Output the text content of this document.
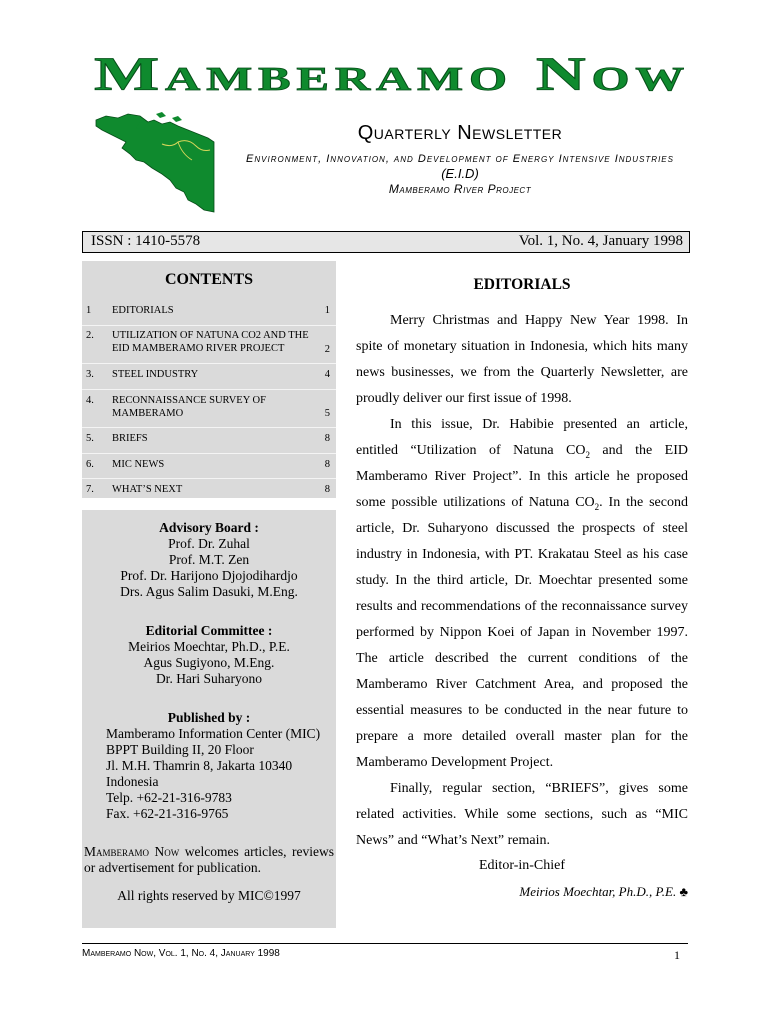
Mamberamo Now
Quarterly Newsletter
Environment, Innovation, and Development of Energy Intensive Industries
(E.I.D)
Mamberamo River Project
ISSN : 1410-5578	Vol. 1, No. 4, January 1998
CONTENTS
1 EDITORIALS	1
2. UTILIZATION OF NATUNA CO2 AND THE EID MAMBERAMO RIVER PROJECT	2
3. STEEL INDUSTRY	4
4. RECONNAISSANCE SURVEY OF MAMBERAMO	5
5. BRIEFS	8
6. MIC NEWS	8
7. WHAT’S NEXT	8
Advisory Board :
Prof. Dr. Zuhal
Prof. M.T. Zen
Prof. Dr. Harijono Djojodihardjo
Drs. Agus Salim Dasuki, M.Eng.
Editorial Committee :
Meirios Moechtar, Ph.D., P.E.
Agus Sugiyono, M.Eng.
Dr. Hari Suharyono
Published by :
Mamberamo Information Center (MIC)
BPPT Building II, 20 Floor
Jl. M.H. Thamrin 8, Jakarta 10340
Indonesia
Telp. +62-21-316-9783
Fax. +62-21-316-9765
Mamberamo Now welcomes articles, reviews or advertisement for publication.
All rights reserved by MIC©1997
EDITORIALS

Merry Christmas and Happy New Year 1998. In spite of monetary situation in Indonesia, which hits many news businesses, we from the Quarterly Newsletter, are proudly deliver our first issue of 1998.

In this issue, Dr. Habibie presented an article, entitled “Utilization of Natuna $CO_2$ and the EID Mamberamo River Project”. In this article he proposed some possible utilizations of Natuna $CO_2$. In the second article, Dr. Suharyono discussed the prospects of steel industry in Indonesia, with PT. Krakatau Steel as his case study. In the third article, Dr. Moechtar presented some results and recommendations of the reconnaissance survey performed by Nippon Koei of Japan in November 1997. The article described the current conditions of the Mamberamo River Catchment Area, and proposed the essential measures to be conducted in the near future to prepare a more detailed overall master plan for the Mamberamo Development Project.

Finally, regular section, “BRIEFS”, gives some related activities. While some sections, such as “MIC News” and “What’s Next” remain.

Editor-in-Chief
Meirios Moechtar, Ph.D., P.E. ♣
Mamberamo Now, Vol. 1, No. 4, January 1998	1
